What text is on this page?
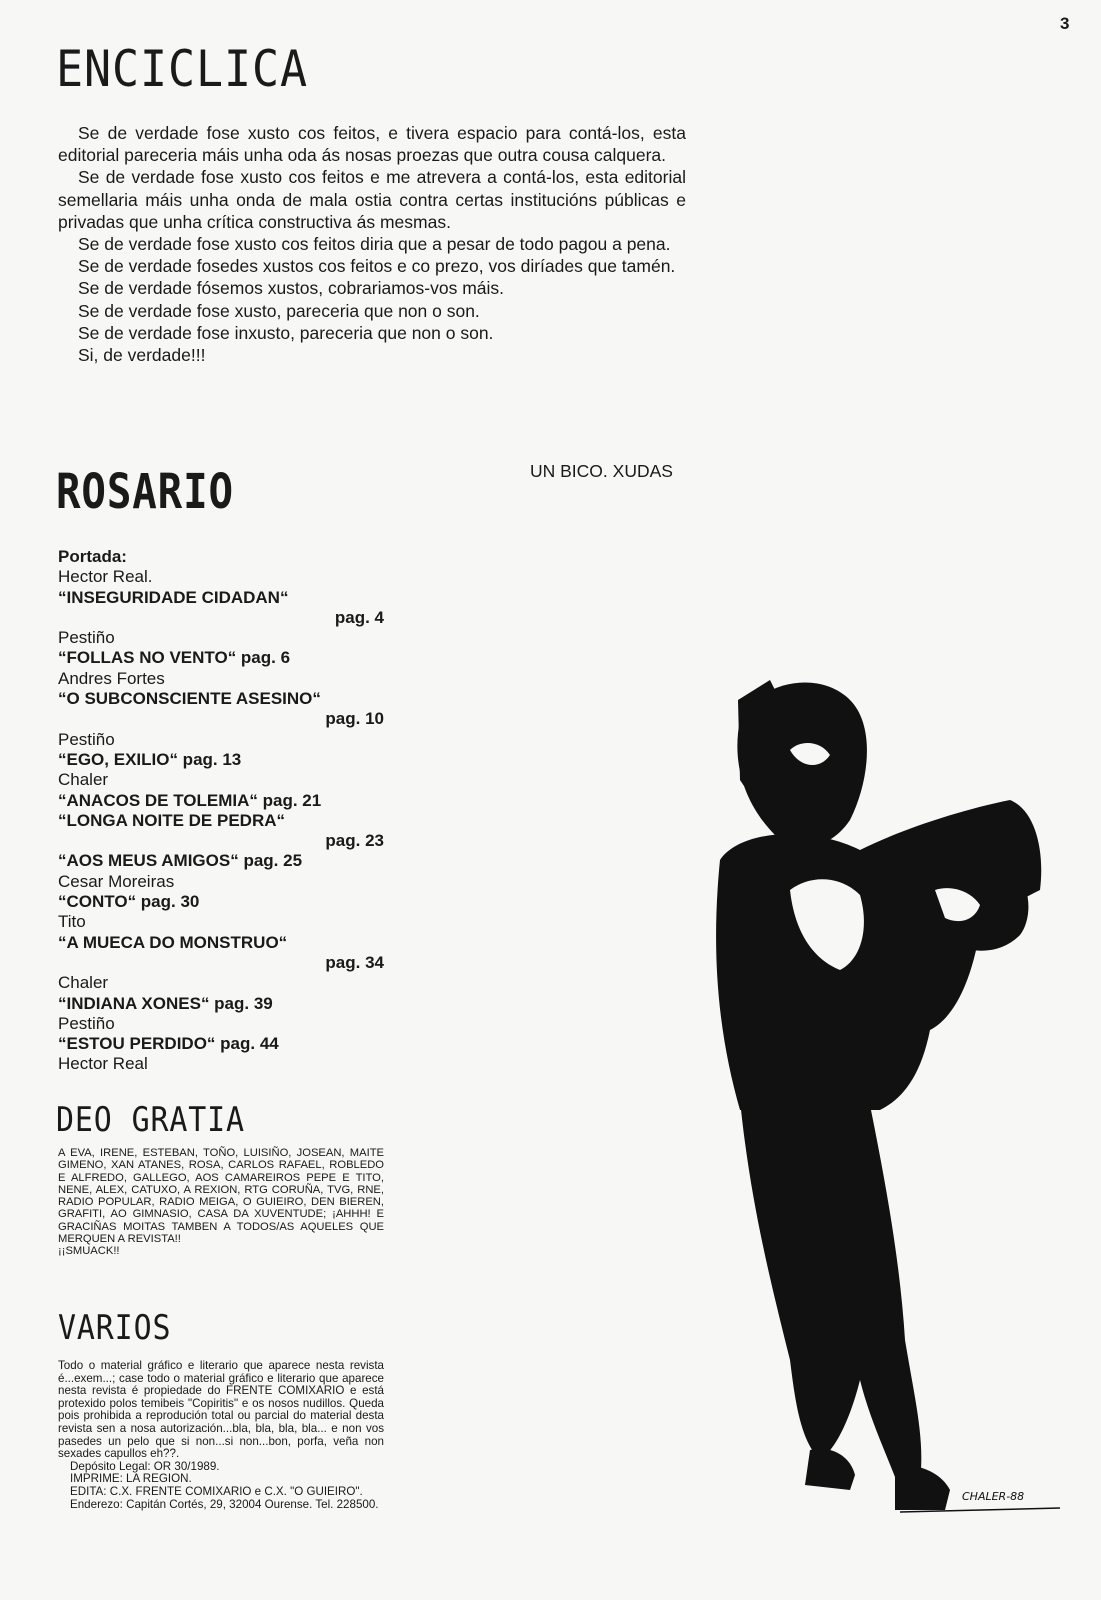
3
ENCICLICA

Se de verdade fose xusto cos feitos, e tivera espacio para contá-los, esta editorial pareceria máis unha oda ás nosas proezas que outra cousa calquera.

Se de verdade fose xusto cos feitos e me atrevera a contá-los, esta editorial semellaria máis unha onda de mala ostia contra certas institucións públicas e privadas que unha crítica constructiva ás mesmas.

Se de verdade fose xusto cos feitos diria que a pesar de todo pagou a pena.

Se de verdade fosedes xustos cos feitos e co prezo, vos diríades que tamén.

Se de verdade fósemos xustos, cobrariamos-vos máis.

Se de verdade fose xusto, pareceria que non o son.

Se de verdade fose inxusto, pareceria que non o son.

Si, de verdade!!!

UN BICO. XUDAS
ROSARIO
Portada:
Hector Real.
“INSEGURIDADE CIDADAN“
pag. 4
Pestiño
“FOLLAS NO VENTO“ pag. 6
Andres Fortes
“O SUBCONSCIENTE ASESINO“
pag. 10
Pestiño
“EGO, EXILIO“ pag. 13
Chaler
“ANACOS DE TOLEMIA“ pag. 21
“LONGA NOITE DE PEDRA“
pag. 23
“AOS MEUS AMIGOS“ pag. 25
Cesar Moreiras
“CONTO“ pag. 30
Tito
“A MUECA DO MONSTRUO“
pag. 34
Chaler
“INDIANA XONES“ pag. 39
Pestiño
“ESTOU PERDIDO“ pag. 44
Hector Real
DEO GRATIA
A EVA, IRENE, ESTEBAN, TOÑO, LUISIÑO, JOSEAN, MAITE GIMENO, XAN ATANES, ROSA, CARLOS RAFAEL, ROBLEDO E ALFREDO, GALLEGO, AOS CAMAREIROS PEPE E TITO, NENE, ALEX, CATUXO, A REXION, RTG CORUÑA, TVG, RNE, RADIO POPULAR, RADIO MEIGA, O GUIEIRO, DEN BIEREN, GRAFITI, AO GIMNASIO, CASA DA XUVENTUDE; ¡AHHH! E GRACIÑAS MOITAS TAMBEN A TODOS/AS AQUELES QUE MERQUEN A REVISTA!!
¡¡SMUACK!!
VARIOS

Todo o material gráfico e literario que aparece nesta revista é...exem...; case todo o material gráfico e literario que aparece nesta revista é propiedade do FRENTE COMIXARIO e está protexido polos temibeis "Copiritis" e os nosos nudillos. Queda pois prohibida a reprodución total ou parcial do material desta revista sen a nosa autorización...bla, bla, bla, bla... e non vos pasedes un pelo que si non...si non...bon, porfa, veña non sexades capullos eh??.

Depósito Legal: OR 30/1989.

IMPRIME: LA REGION.

EDITA: C.X. FRENTE COMIXARIO e C.X. "O GUIEIRO".

Enderezo: Capitán Cortés, 29, 32004 Ourense. Tel. 228500.

CHALER-88
